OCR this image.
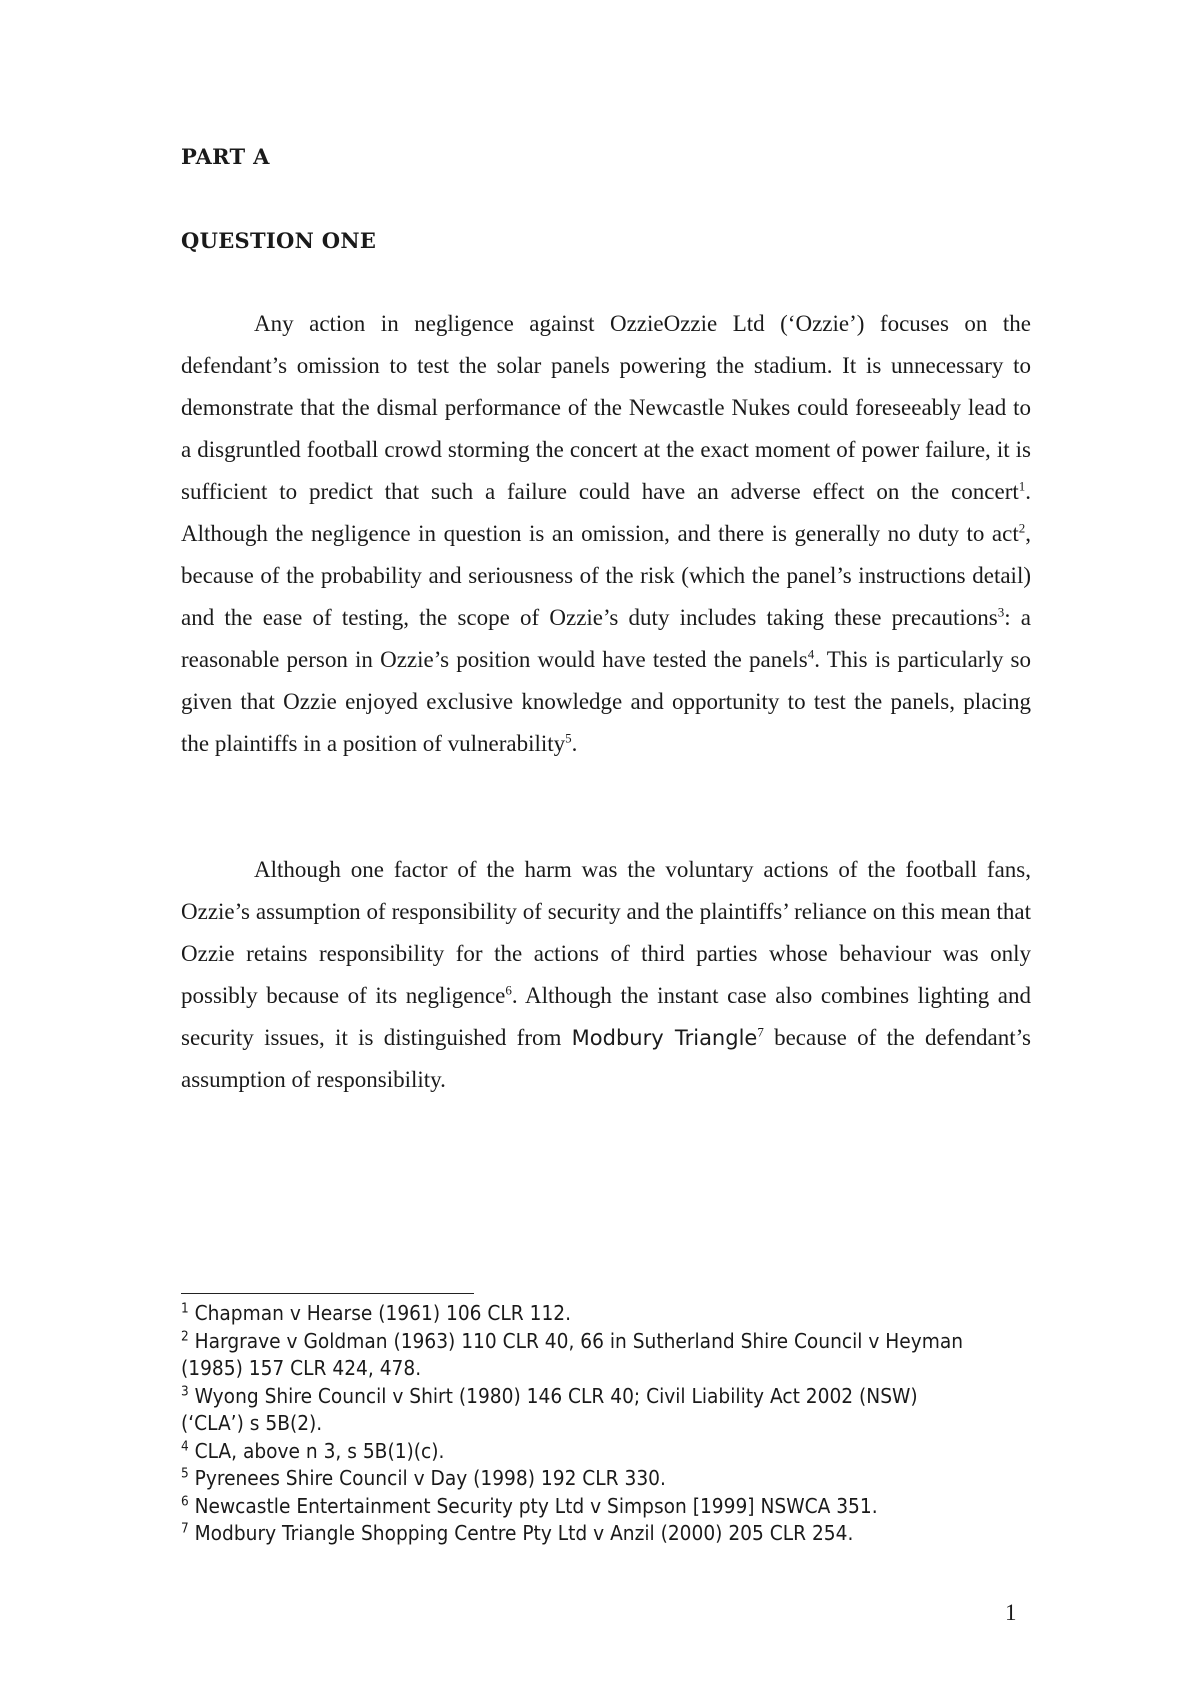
PART A
QUESTION ONE

Any action in negligence against OzzieOzzie Ltd (‘Ozzie’) focuses on the defendant’s omission to test the solar panels powering the stadium. It is unnecessary to demonstrate that the dismal performance of the Newcastle Nukes could foreseeably lead to a disgruntled football crowd storming the concert at the exact moment of power failure, it is sufficient to predict that such a failure could have an adverse effect on the concert$^1$. Although the negligence in question is an omission, and there is generally no duty to act$^2$, because of the probability and seriousness of the risk (which the panel’s instructions detail) and the ease of testing, the scope of Ozzie’s duty includes taking these precautions$^3$: a reasonable person in Ozzie’s position would have tested the panels$^4$. This is particularly so given that Ozzie enjoyed exclusive knowledge and opportunity to test the panels, placing the plaintiffs in a position of vulnerability$^5$.

Although one factor of the harm was the voluntary actions of the football fans, Ozzie’s assumption of responsibility of security and the plaintiffs’ reliance on this mean that Ozzie retains responsibility for the actions of third parties whose behaviour was only possibly because of its negligence$^6$. Although the instant case also combines lighting and security issues, it is distinguished from Modbury Triangle$^7$ because of the defendant’s assumption of responsibility.

$^1$ Chapman v Hearse (1961) 106 CLR 112.
$^2$ Hargrave v Goldman (1963) 110 CLR 40, 66 in Sutherland Shire Council v Heyman (1985) 157 CLR 424, 478.
$^3$ Wyong Shire Council v Shirt (1980) 146 CLR 40; Civil Liability Act 2002 (NSW) (‘CLA’) s 5B(2).
$^4$ CLA, above n 3, s 5B(1)(c).
$^5$ Pyrenees Shire Council v Day (1998) 192 CLR 330.
$^6$ Newcastle Entertainment Security pty Ltd v Simpson [1999] NSWCA 351.
$^7$ Modbury Triangle Shopping Centre Pty Ltd v Anzil (2000) 205 CLR 254.

1
